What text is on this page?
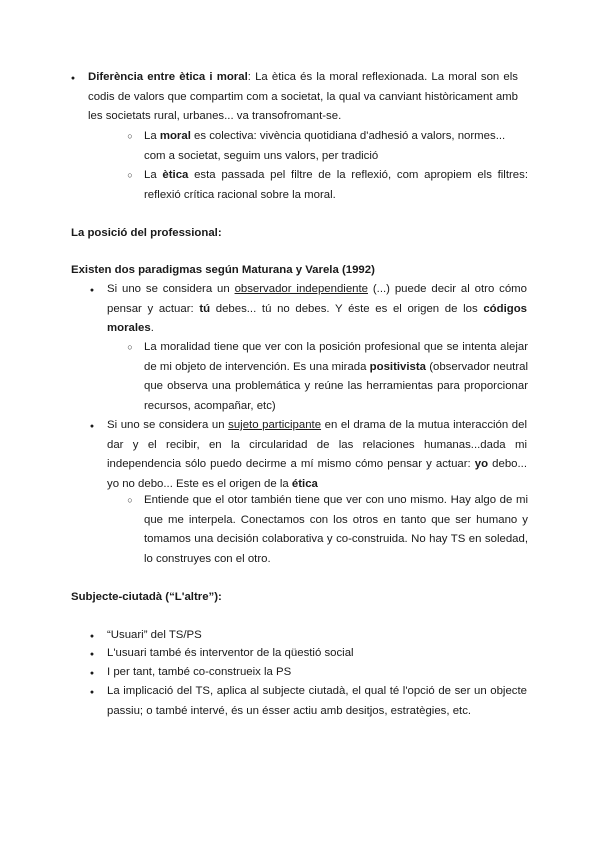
●

Diferència entre ètica i moral: La ètica és la moral reflexionada. La moral son els codis de valors que compartim com a societat, la qual va canviant històricament amb les societats rural, urbanes... va transofromant-se.

○

La moral es colectiva: vivència quotidiana d'adhesió a valors, normes... com a societat, seguim uns valors, per tradició

○

La ètica esta passada pel filtre de la reflexió, com apropiem els filtres: reflexió crítica racional sobre la moral.

La posició del professional:
Existen dos paradigmas según Maturana y Varela (1992)
●

Si uno se considera un observador independiente (...) puede decir al otro cómo pensar y actuar: tú debes... tú no debes. Y éste es el origen de los códigos morales.

○

La moralidad tiene que ver con la posición profesional que se intenta alejar de mi objeto de intervención. Es una mirada positivista (observador neutral que observa una problemática y reúne las herramientas para proporcionar recursos, acompañar, etc)

●

Si uno se considera un sujeto participante en el drama de la mutua interacción del dar y el recibir, en la circularidad de las relaciones humanas...dada mi independencia sólo puedo decirme a mí mismo cómo pensar y actuar: yo debo... yo no debo... Este es el origen de la ética

○

Entiende que el otor también tiene que ver con uno mismo. Hay algo de mi que me interpela. Conectamos con los otros en tanto que ser humano y tomamos una decisión colaborativa y co-construida. No hay TS en soledad, lo construyes con el otro.

Subjecte-ciutadà (“L'altre”):
●

“Usuari” del TS/PS

●

L'usuari també és interventor de la qüestió social

●

I per tant, també co-construeix la PS

●

La implicació del TS, aplica al subjecte ciutadà, el qual té l'opció de ser un objecte passiu; o també intervé, és un ésser actiu amb desitjos, estratègies, etc.
